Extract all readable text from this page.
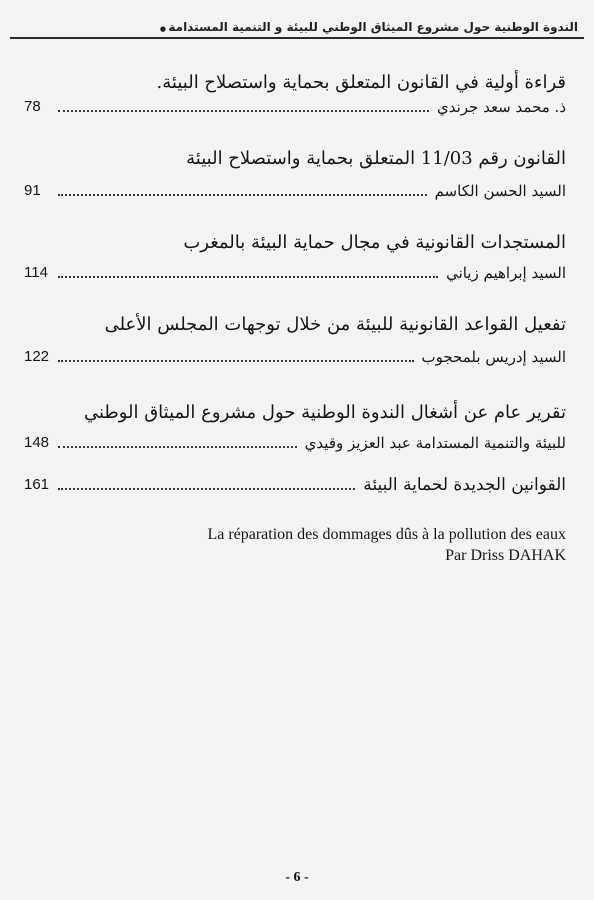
الندوة الوطنية حول مشروع الميثاق الوطني للبيئة و التنمية المستدامة ●

قراءة أولية في القانون المتعلق بحماية واستصلاح البيئة.

ذ. محمد سعد جرندي
78

القانون رقم 11/03 المتعلق بحماية واستصلاح البيئة

السيد الحسن الكاسم
91

المستجدات القانونية في مجال حماية البيئة بالمغرب

السيد إبراهيم زياني
114

تفعيل القواعد القانونية للبيئة من خلال توجهات المجلس الأعلى

السيد إدريس بلمحجوب
122

تقرير عام عن أشغال الندوة الوطنية حول مشروع الميثاق الوطني

للبيئة والتنمية المستدامة عبد العزيز وقيدي
148
القوانين الجديدة لحماية البيئة
161
La réparation des dommages dûs à la pollution des eaux
Par Driss DAHAK
- 6 -
